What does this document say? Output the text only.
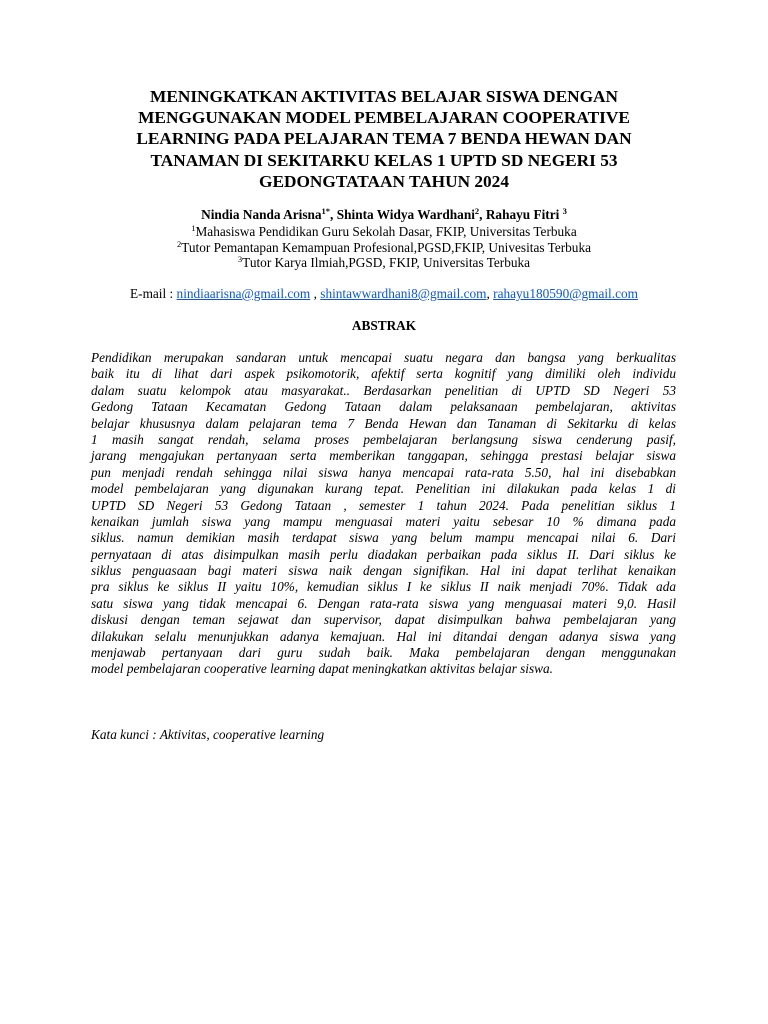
MENINGKATKAN AKTIVITAS BELAJAR SISWA DENGAN
MENGGUNAKAN MODEL PEMBELAJARAN COOPERATIVE
LEARNING PADA PELAJARAN TEMA 7 BENDA HEWAN DAN
TANAMAN DI SEKITARKU KELAS 1 UPTD SD NEGERI 53
GEDONGTATAAN TAHUN 2024
Nindia Nanda Arisna$^{1*}$, Shinta Widya Wardhani$^2$, Rahayu Fitri $^3$
$^1$Mahasiswa Pendidikan Guru Sekolah Dasar, FKIP, Universitas Terbuka
$^2$Tutor Pemantapan Kemampuan Profesional,PGSD,FKIP, Univesitas Terbuka
$^3$Tutor Karya Ilmiah,PGSD, FKIP, Universitas Terbuka
E-mail : nindiaarisna@gmail.com , shintawwardhani8@gmail.com, rahayu180590@gmail.com
ABSTRAK
Pendidikan merupakan sandaran untuk mencapai suatu negara dan bangsa yang berkualitas
baik itu di lihat dari aspek psikomotorik, afektif serta kognitif yang dimiliki oleh individu
dalam suatu kelompok atau masyarakat.. Berdasarkan penelitian di UPTD SD Negeri 53
Gedong Tataan Kecamatan Gedong Tataan dalam pelaksanaan pembelajaran, aktivitas
belajar khususnya dalam pelajaran tema 7 Benda Hewan dan Tanaman di Sekitarku di kelas
1 masih sangat rendah, selama proses pembelajaran berlangsung siswa cenderung pasif,
jarang mengajukan pertanyaan serta memberikan tanggapan, sehingga prestasi belajar siswa
pun menjadi rendah sehingga nilai siswa hanya mencapai rata-rata 5.50, hal ini disebabkan
model pembelajaran yang digunakan kurang tepat. Penelitian ini dilakukan pada kelas 1 di
UPTD SD Negeri 53 Gedong Tataan , semester 1 tahun 2024. Pada penelitian siklus 1
kenaikan jumlah siswa yang mampu menguasai materi yaitu sebesar 10 % dimana pada
siklus. namun demikian masih terdapat siswa yang belum mampu mencapai nilai 6. Dari
pernyataan di atas disimpulkan masih perlu diadakan perbaikan pada siklus II. Dari siklus ke
siklus penguasaan bagi materi siswa naik dengan signifikan. Hal ini dapat terlihat kenaikan
pra siklus ke siklus II yaitu 10%, kemudian siklus I ke siklus II naik menjadi 70%. Tidak ada
satu siswa yang tidak mencapai 6. Dengan rata-rata siswa yang menguasai materi 9,0. Hasil
diskusi dengan teman sejawat dan supervisor, dapat disimpulkan bahwa pembelajaran yang
dilakukan selalu menunjukkan adanya kemajuan. Hal ini ditandai dengan adanya siswa yang
menjawab pertanyaan dari guru sudah baik. Maka pembelajaran dengan menggunakan
model pembelajaran cooperative learning dapat meningkatkan aktivitas belajar siswa.
Kata kunci : Aktivitas, cooperative learning
